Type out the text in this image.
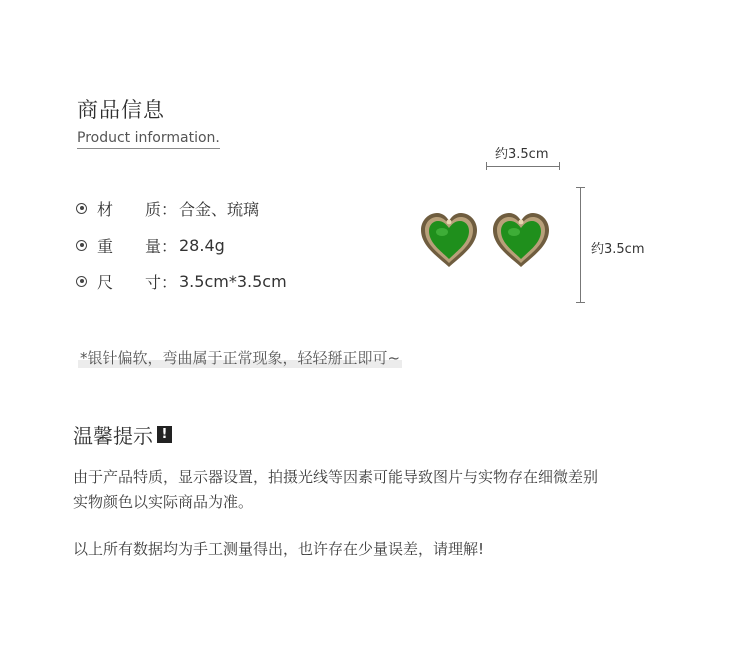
商品信息
Product information.
材　　质： 合金、琉璃
重　　量： 28.4g
尺　　寸： 3.5cm*3.5cm
约3.5cm
约3.5cm
*银针偏软，弯曲属于正常现象，轻轻掰正即可~
温馨提示 !
由于产品特质，显示器设置，拍摄光线等因素可能导致图片与实物存在细微差别
实物颜色以实际商品为准。
以上所有数据均为手工测量得出，也许存在少量误差，请理解!
